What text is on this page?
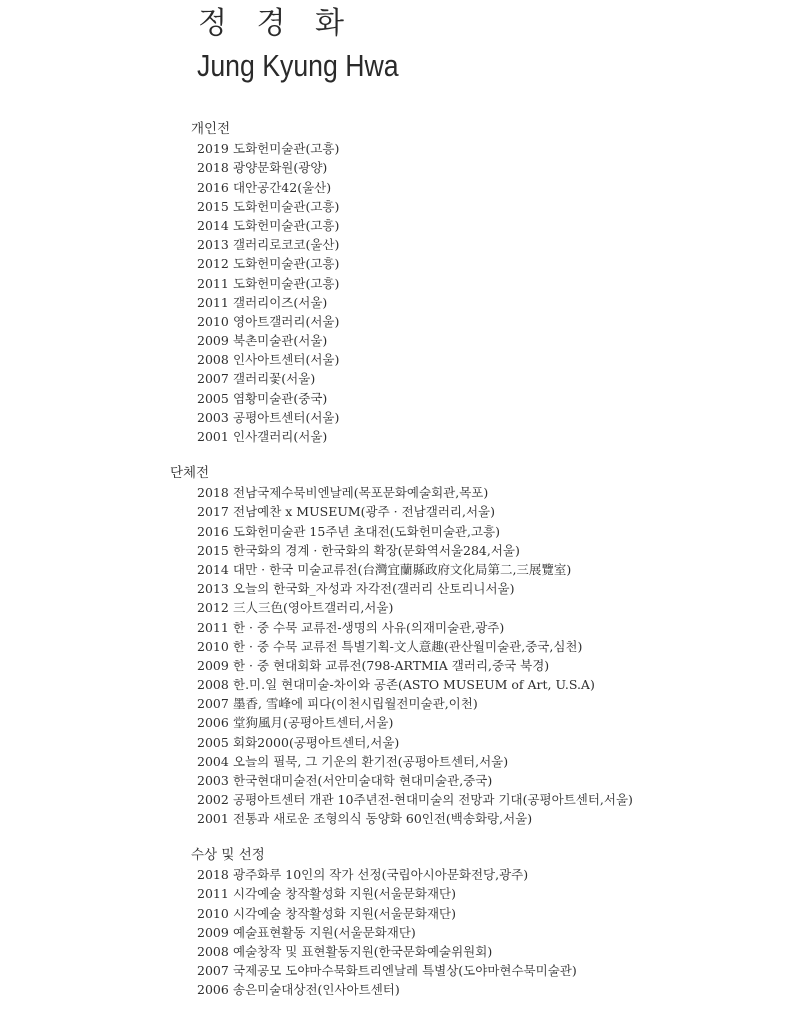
정 경 화
Jung Kyung Hwa
개인전
2019 도화헌미술관(고흥)
2018 광양문화원(광양)
2016 대안공간42(울산)
2015 도화헌미술관(고흥)
2014 도화헌미술관(고흥)
2013 갤러리로코코(울산)
2012 도화헌미술관(고흥)
2011 도화헌미술관(고흥)
2011 갤러리이즈(서울)
2010 영아트갤러리(서울)
2009 북촌미술관(서울)
2008 인사아트센터(서울)
2007 갤러리꽃(서울)
2005 염황미술관(중국)
2003 공평아트센터(서울)
2001 인사갤러리(서울)
단체전
2018 전남국제수묵비엔날레(목포문화예술회관,목포)
2017 전남예찬 x MUSEUM(광주 · 전남갤러리,서울)
2016 도화헌미술관 15주년 초대전(도화헌미술관,고흥)
2015 한국화의 경계 · 한국화의 확장(문화역서울284,서울)
2014 대만 · 한국 미술교류전(台灣宜蘭縣政府文化局第二,三展覽室)
2013 오늘의 한국화_자성과 자각전(갤러리 산토리니서울)
2012 三人三色(영아트갤러리,서울)
2011 한 · 중 수묵 교류전-생명의 사유(의재미술관,광주)
2010 한 · 중 수묵 교류전 특별기획-文人意趣(관산월미술관,중국,심천)
2009 한 · 중 현대회화 교류전(798-ARTMIA 갤러리,중국 북경)
2008 한.미.일 현대미술-차이와 공존(ASTO MUSEUM of Art, U.S.A)
2007 墨香, 雪峰에 피다(이천시립월전미술관,이천)
2006 堂狗風月(공평아트센터,서울)
2005 회화2000(공평아트센터,서울)
2004 오늘의 필묵, 그 기운의 환기전(공평아트센터,서울)
2003 한국현대미술전(서안미술대학 현대미술관,중국)
2002 공평아트센터 개관 10주년전-현대미술의 전망과 기대(공평아트센터,서울)
2001 전통과 새로운 조형의식 동양화 60인전(백송화랑,서울)
수상 및 선정
2018 광주화루 10인의 작가 선정(국립아시아문화전당,광주)
2011 시각예술 창작활성화 지원(서울문화재단)
2010 시각예술 창작활성화 지원(서울문화재단)
2009 예술표현활동 지원(서울문화재단)
2008 예술창작 및 표현활동지원(한국문화예술위원회)
2007 국제공모 도야마수묵화트리엔날레 특별상(도야마현수묵미술관)
2006 송은미술대상전(인사아트센터)
